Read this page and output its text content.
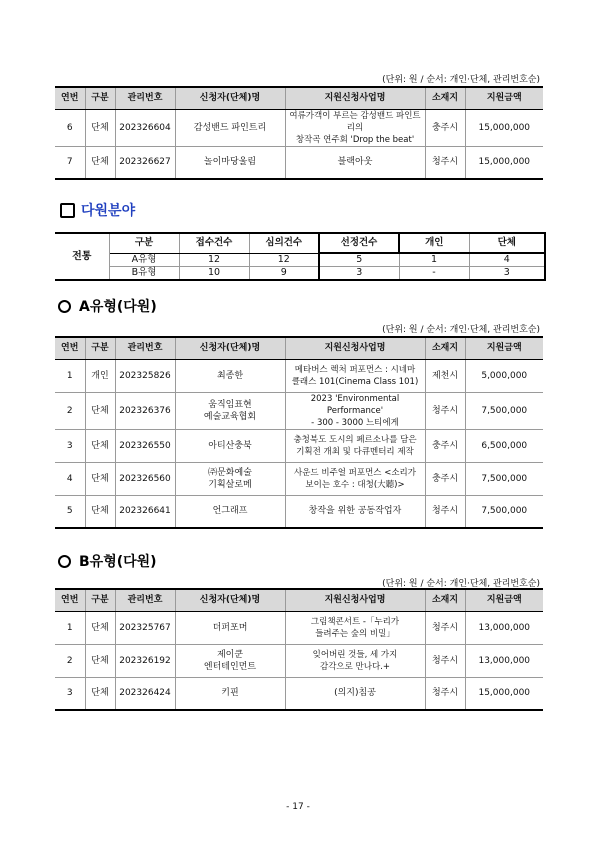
(단위: 원 / 순서: 개인·단체, 관리번호순)
연번	구분	관리번호	신청자(단체)명	지원신청사업명	소재지	지원금액
6	단체	202326604	감성밴드 파인트리	여류가객이 부르는 감성밴드 파인트리의
창작곡 연주회 'Drop the beat'	충주시	15,000,000
7	단체	202326627	놀이마당울림	블랙아웃	청주시	15,000,000
다원분야
전통	구분	접수건수	심의건수	선정건수	개인	단체
	A유형	12	12	5	1	4
	B유형	10	9	3	-	3
A유형(다원)
(단위: 원 / 순서: 개인·단체, 관리번호순)
연번	구분	관리번호	신청자(단체)명	지원신청사업명	소재지	지원금액
1	개인	202325826	최종한	메타버스 렉처 퍼포먼스 : 시네마
클래스 101(Cinema Class 101)	제천시	5,000,000
2	단체	202326376	움직임표현
예술교육협회	2023 'Environmental Performance'
- 300 - 3000 느티에게	청주시	7,500,000
3	단체	202326550	아티산충북	충청북도 도시의 페르소나를 담은
기획전 개최 및 다큐멘터리 제작	충주시	6,500,000
4	단체	202326560	㈜문화예술
기획살로메	사운드 비주얼 퍼포먼스 <소리가
보이는 호수 : 대청(大聽)>	충주시	7,500,000
5	단체	202326641	언그래프	창작을 위한 공동작업자	청주시	7,500,000
B유형(다원)
(단위: 원 / 순서: 개인·단체, 관리번호순)
연번	구분	관리번호	신청자(단체)명	지원신청사업명	소재지	지원금액
1	단체	202325767	더퍼포머	그림책콘서트 -「누리가
들려주는 숲의 비밀」	청주시	13,000,000
2	단체	202326192	제이쿤
엔터테인먼트	잊어버린 것들, 세 가지
감각으로 만나다.+	청주시	13,000,000
3	단체	202326424	키핀	(의지)침공	청주시	15,000,000
- 17 -
